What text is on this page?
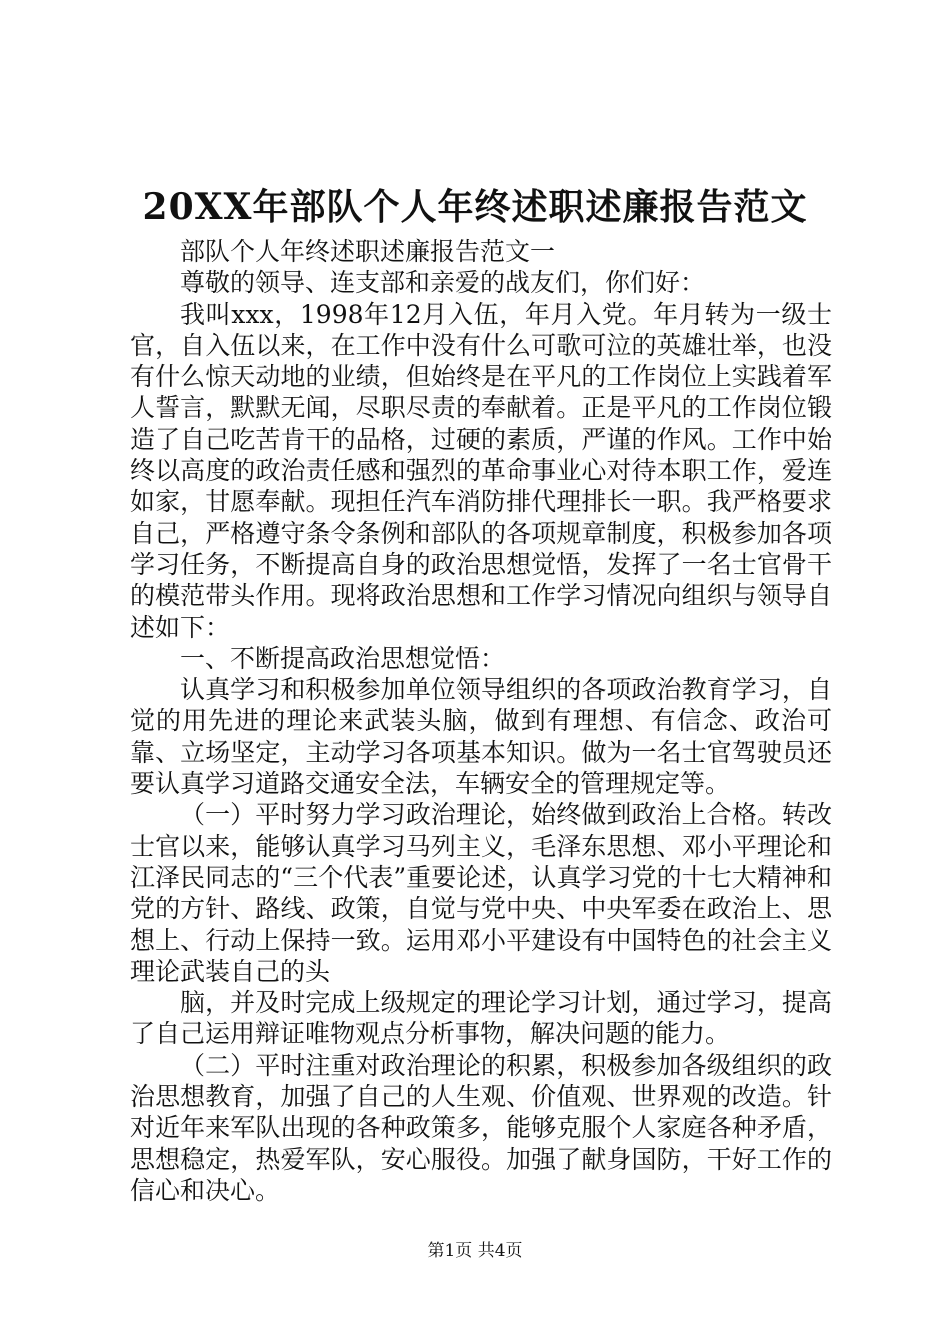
20XX年部队个人年终述职述廉报告范文

部队个人年终述职述廉报告范文一

尊敬的领导、连支部和亲爱的战友们，你们好：

我叫xxx，1998年12月入伍，年月入党。年月转为一级士官，自入伍以来，在工作中没有什么可歌可泣的英雄壮举，也没有什么惊天动地的业绩，但始终是在平凡的工作岗位上实践着军人誓言，默默无闻，尽职尽责的奉献着。正是平凡的工作岗位锻造了自己吃苦肯干的品格，过硬的素质，严谨的作风。工作中始终以高度的政治责任感和强烈的革命事业心对待本职工作，爱连如家，甘愿奉献。现担任汽车消防排代理排长一职。我严格要求自己，严格遵守条令条例和部队的各项规章制度，积极参加各项学习任务，不断提高自身的政治思想觉悟，发挥了一名士官骨干的模范带头作用。现将政治思想和工作学习情况向组织与领导自述如下：

一、不断提高政治思想觉悟：

认真学习和积极参加单位领导组织的各项政治教育学习，自觉的用先进的理论来武装头脑，做到有理想、有信念、政治可靠、立场坚定，主动学习各项基本知识。做为一名士官驾驶员还要认真学习道路交通安全法，车辆安全的管理规定等。

（一）平时努力学习政治理论，始终做到政治上合格。转改士官以来，能够认真学习马列主义，毛泽东思想、邓小平理论和江泽民同志的“三个代表”重要论述，认真学习党的十七大精神和党的方针、路线、政策，自觉与党中央、中央军委在政治上、思想上、行动上保持一致。运用邓小平建设有中国特色的社会主义理论武装自己的头

脑，并及时完成上级规定的理论学习计划，通过学习，提高了自己运用辩证唯物观点分析事物，解决问题的能力。

（二）平时注重对政治理论的积累，积极参加各级组织的政治思想教育，加强了自己的人生观、价值观、世界观的改造。针对近年来军队出现的各种政策多，能够克服个人家庭各种矛盾，思想稳定，热爱军队，安心服役。加强了献身国防，干好工作的信心和决心。

第1页 共4页
